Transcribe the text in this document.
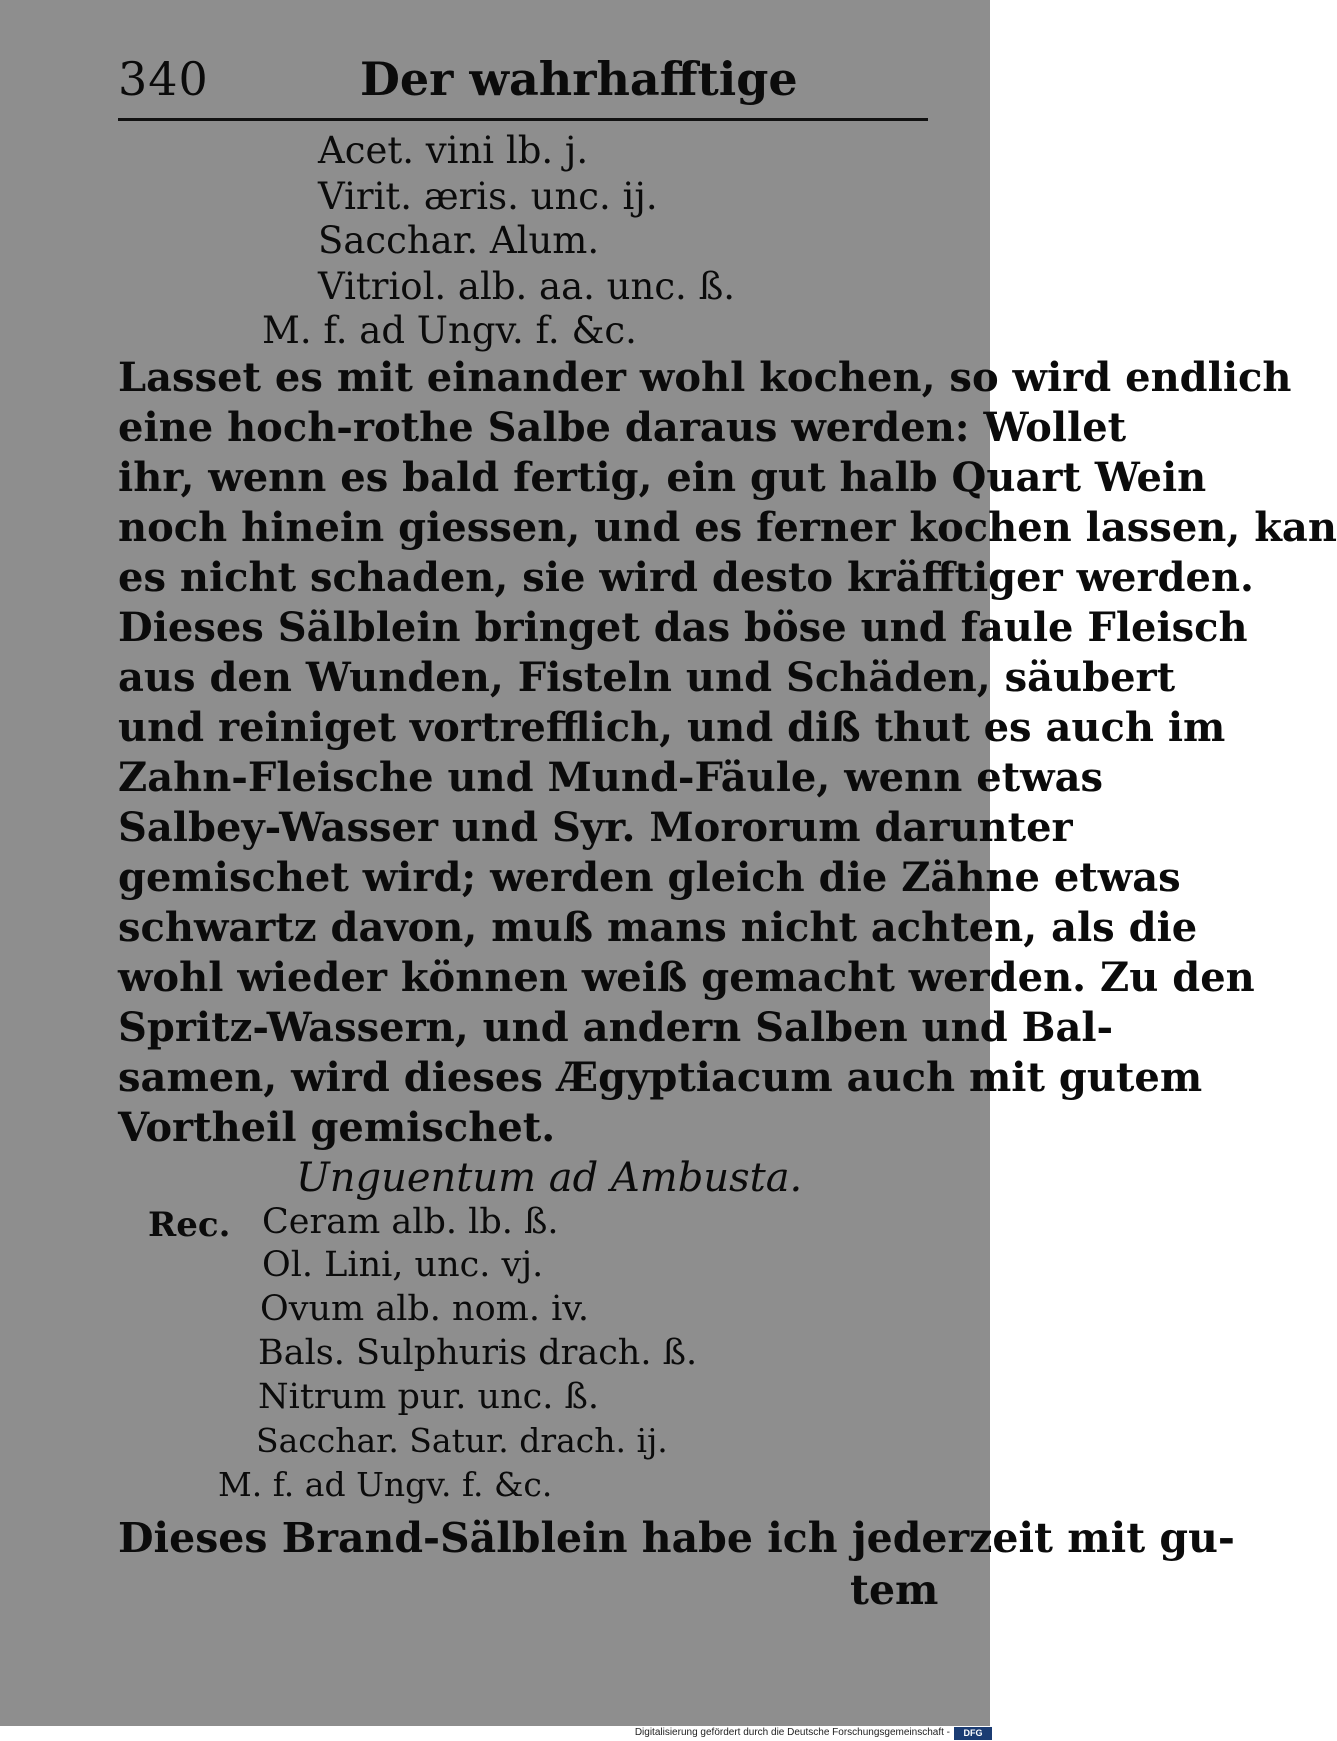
340	Der wahrhafftige
Acet. vini lb. j.
Virit. æris. unc. ij.
Sacchar. Alum.
Vitriol. alb. aa. unc. ß.
M. f. ad Ungv. f. &c.
Lasset es mit einander wohl kochen, so wird endlich
eine hoch-rothe Salbe daraus werden: Wollet
ihr, wenn es bald fertig, ein gut halb Quart Wein
noch hinein giessen, und es ferner kochen lassen, kan
es nicht schaden, sie wird desto kräfftiger werden.
Dieses Sälblein bringet das böse und faule Fleisch
aus den Wunden, Fisteln und Schäden, säubert
und reiniget vortrefflich, und diß thut es auch im
Zahn-Fleische und Mund-Fäule, wenn etwas
Salbey-Wasser und Syr. Mororum darunter
gemischet wird; werden gleich die Zähne etwas
schwartz davon, muß mans nicht achten, als die
wohl wieder können weiß gemacht werden. Zu den
Spritz-Wassern, und andern Salben und Bal-
samen, wird dieses Ægyptiacum auch mit gutem
Vortheil gemischet.
Unguentum ad Ambusta.
Rec. Ceram alb. lb. ß.
Ol. Lini, unc. vj.
Ovum alb. nom. iv.
Bals. Sulphuris drach. ß.
Nitrum pur. unc. ß.
Sacchar. Satur. drach. ij.
M. f. ad Ungv. f. &c.
Dieses Brand-Sälblein habe ich jederzeit mit gu-
tem
Digitalisierung gefördert durch die Deutsche Forschungsgemeinschaft -	DFG
